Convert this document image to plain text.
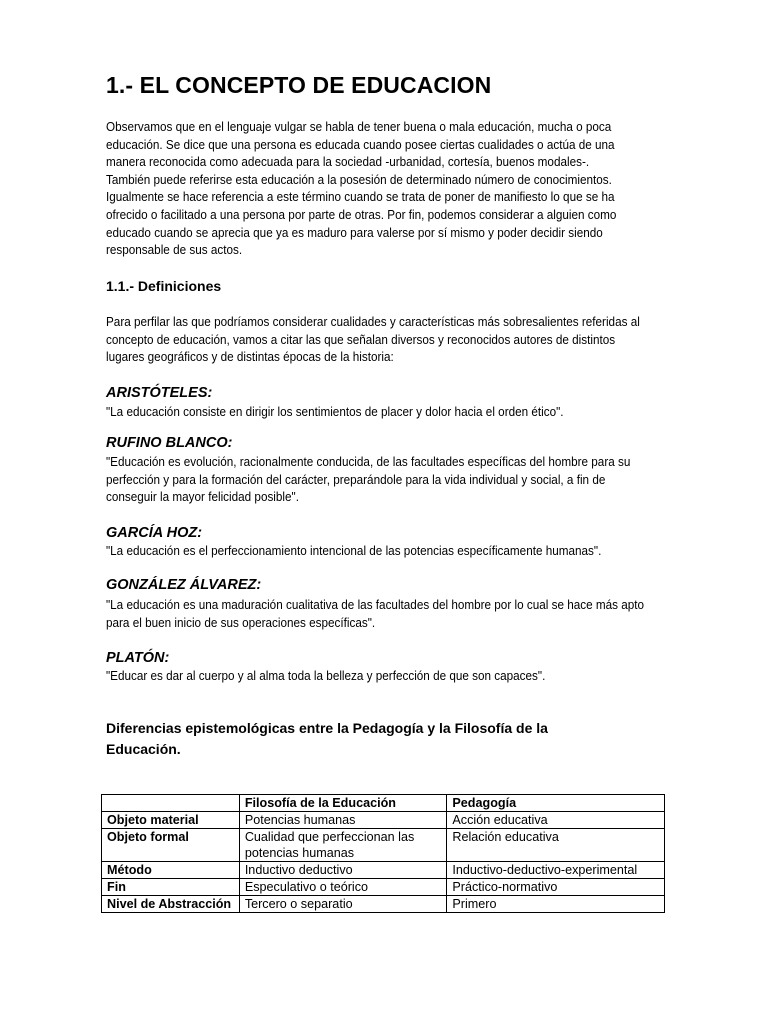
1.- EL CONCEPTO DE EDUCACION

Observamos que en el lenguaje vulgar se habla de tener buena o mala educación, mucha o poca educación. Se dice que una persona es educada cuando posee ciertas cualidades o actúa de una manera reconocida como adecuada para la sociedad -urbanidad, cortesía, buenos modales-. También puede referirse esta educación a la posesión de determinado número de conocimientos. Igualmente se hace referencia a este término cuando se trata de poner de manifiesto lo que se ha ofrecido o facilitado a una persona por parte de otras. Por fin, podemos considerar a alguien como educado cuando se aprecia que ya es maduro para valerse por sí mismo y poder decidir siendo responsable de sus actos.

1.1.- Definiciones

Para perfilar las que podríamos considerar cualidades y características más sobresalientes referidas al concepto de educación, vamos a citar las que señalan diversos y reconocidos autores de distintos lugares geográficos y de distintas épocas de la historia:

ARISTÓTELES:

"La educación consiste en dirigir los sentimientos de placer y dolor hacia el orden ético".

RUFINO BLANCO:

"Educación es evolución, racionalmente conducida, de las facultades específicas del hombre para su perfección y para la formación del carácter, preparándole para la vida individual y social, a fin de conseguir la mayor felicidad posible".

GARCÍA HOZ:

"La educación es el perfeccionamiento intencional de las potencias específicamente humanas".

GONZÁLEZ ÁLVAREZ:

"La educación es una maduración cualitativa de las facultades del hombre por lo cual se hace más apto para el buen inicio de sus operaciones específicas".

PLATÓN:

"Educar es dar al cuerpo y al alma toda la belleza y perfección de que son capaces".

Diferencias epistemológicas entre la Pedagogía y la Filosofía de la Educación.
	Filosofía de la Educación	Pedagogía
Objeto material	Potencias humanas	Acción educativa
Objeto formal	Cualidad que perfeccionan las potencias humanas	Relación educativa
Método	Inductivo deductivo	Inductivo-deductivo-experimental
Fin	Especulativo o teórico	Práctico-normativo
Nivel de Abstracción	Tercero o separatio	Primero
